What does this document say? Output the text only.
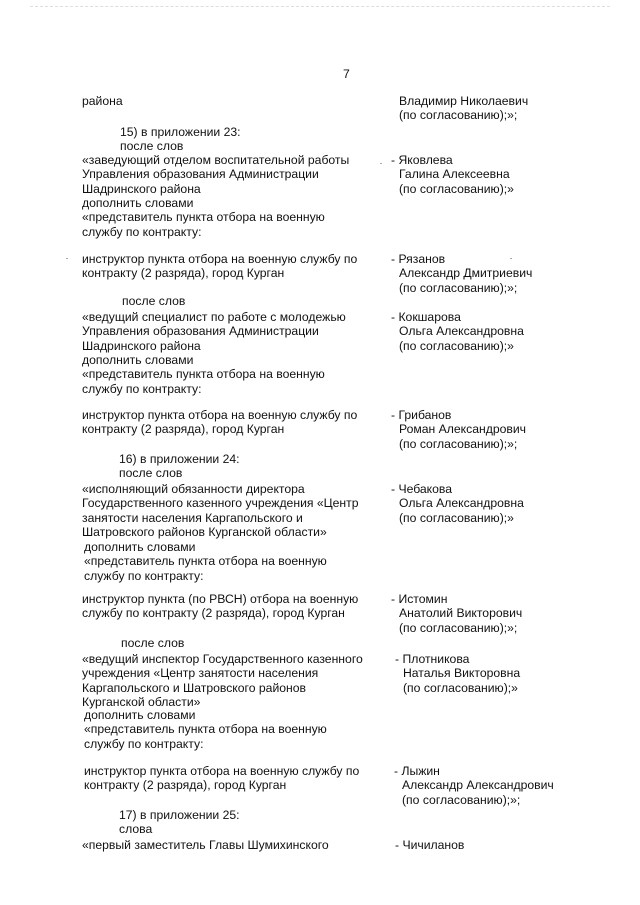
7
района	Владимир Николаевич
(по согласованию);»;
15) в приложении 23:
после слов
«заведующий отделом воспитательной работы
Управления образования Администрации
Шадринского района
- Яковлева
Галина Алексеевна
(по согласованию);»
дополнить словами
«представитель пункта отбора на военную
службу по контракту:
инструктор пункта отбора на военную службу по
контракту (2 разряда), город Курган
- Рязанов
Александр Дмитриевич
(по согласованию);»;
после слов
«ведущий специалист по работе с молодежью
Управления образования Администрации
Шадринского района
- Кокшарова
Ольга Александровна
(по согласованию);»
дополнить словами
«представитель пункта отбора на военную
службу по контракту:
инструктор пункта отбора на военную службу по
контракту (2 разряда), город Курган
- Грибанов
Роман Александрович
(по согласованию);»;
16) в приложении 24:
после слов
«исполняющий обязанности директора
Государственного казенного учреждения «Центр
занятости населения Каргапольского и
Шатровского районов Курганской области»
- Чебакова
Ольга Александровна
(по согласованию);»
дополнить словами
«представитель пункта отбора на военную
службу по контракту:
инструктор пункта (по РВСН) отбора на военную
службу по контракту (2 разряда), город Курган
- Истомин
Анатолий Викторович
(по согласованию);»;
после слов
«ведущий инспектор Государственного казенного
учреждения «Центр занятости населения
Каргапольского и Шатровского районов
Курганской области»
- Плотникова
Наталья Викторовна
(по согласованию);»
дополнить словами
«представитель пункта отбора на военную
службу по контракту:
инструктор пункта отбора на военную службу по
контракту (2 разряда), город Курган
- Лыжин
Александр Александрович
(по согласованию);»;
17) в приложении 25:
слова
«первый заместитель Главы Шумихинского	- Чичиланов
